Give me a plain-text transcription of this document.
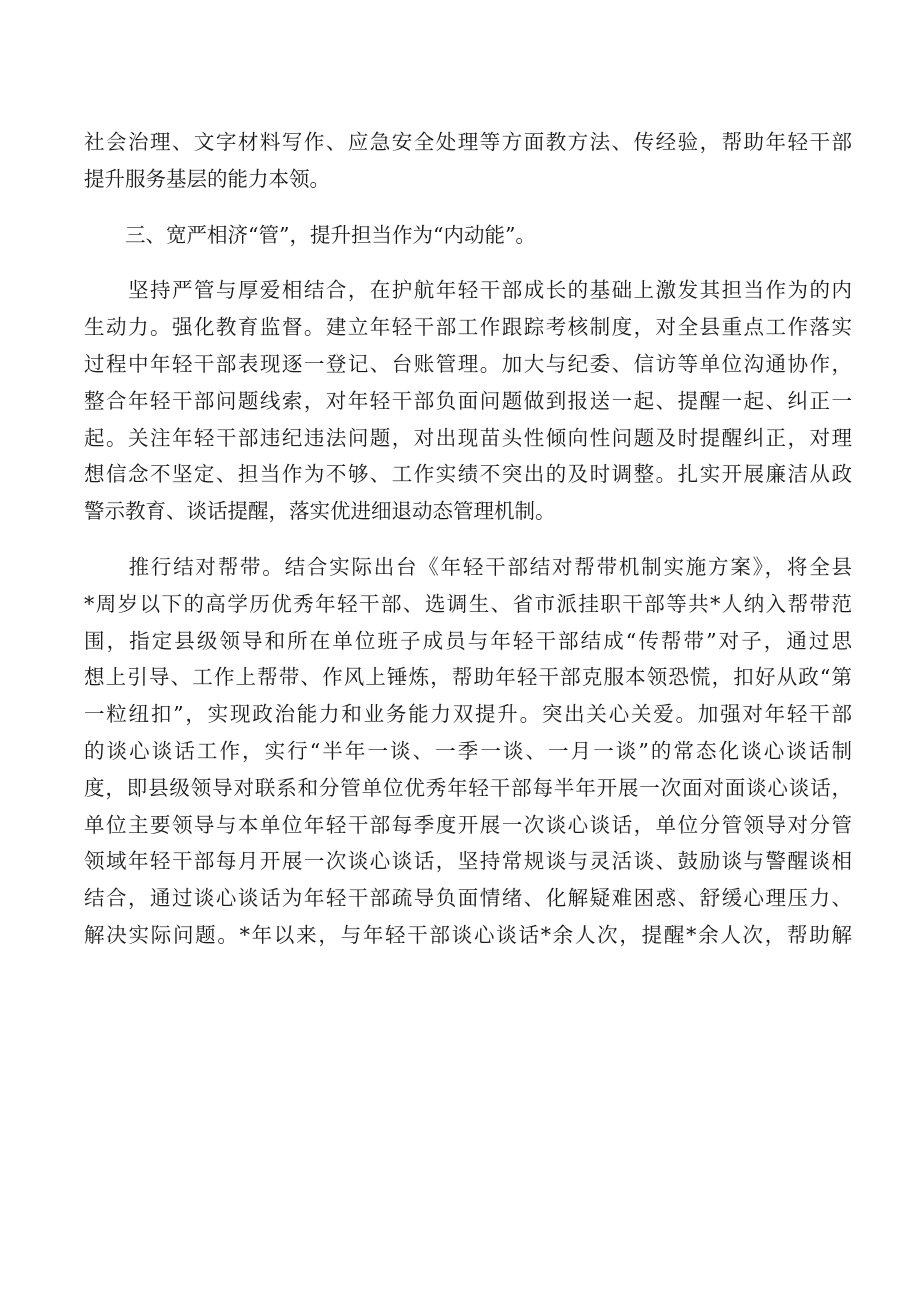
社会治理、文字材料写作、应急安全处理等方面教方法、传经验，帮助年轻干部
提升服务基层的能力本领。
　　三、宽严相济“管”，提升担当作为“内动能”。
　　坚持严管与厚爱相结合，在护航年轻干部成长的基础上激发其担当作为的内
生动力。强化教育监督。建立年轻干部工作跟踪考核制度，对全县重点工作落实
过程中年轻干部表现逐一登记、台账管理。加大与纪委、信访等单位沟通协作，
整合年轻干部问题线索，对年轻干部负面问题做到报送一起、提醒一起、纠正一
起。关注年轻干部违纪违法问题，对出现苗头性倾向性问题及时提醒纠正，对理
想信念不坚定、担当作为不够、工作实绩不突出的及时调整。扎实开展廉洁从政
警示教育、谈话提醒，落实优进细退动态管理机制。
　　推行结对帮带。结合实际出台《年轻干部结对帮带机制实施方案》，将全县
*周岁以下的高学历优秀年轻干部、选调生、省市派挂职干部等共*人纳入帮带范
围，指定县级领导和所在单位班子成员与年轻干部结成“传帮带”对子，通过思
想上引导、工作上帮带、作风上锤炼，帮助年轻干部克服本领恐慌，扣好从政“第
一粒纽扣”，实现政治能力和业务能力双提升。突出关心关爱。加强对年轻干部
的谈心谈话工作，实行“半年一谈、一季一谈、一月一谈”的常态化谈心谈话制
度，即县级领导对联系和分管单位优秀年轻干部每半年开展一次面对面谈心谈话，
单位主要领导与本单位年轻干部每季度开展一次谈心谈话，单位分管领导对分管
领域年轻干部每月开展一次谈心谈话，坚持常规谈与灵活谈、鼓励谈与警醒谈相
结合，通过谈心谈话为年轻干部疏导负面情绪、化解疑难困惑、舒缓心理压力、
解决实际问题。*年以来，与年轻干部谈心谈话*余人次，提醒*余人次，帮助解
